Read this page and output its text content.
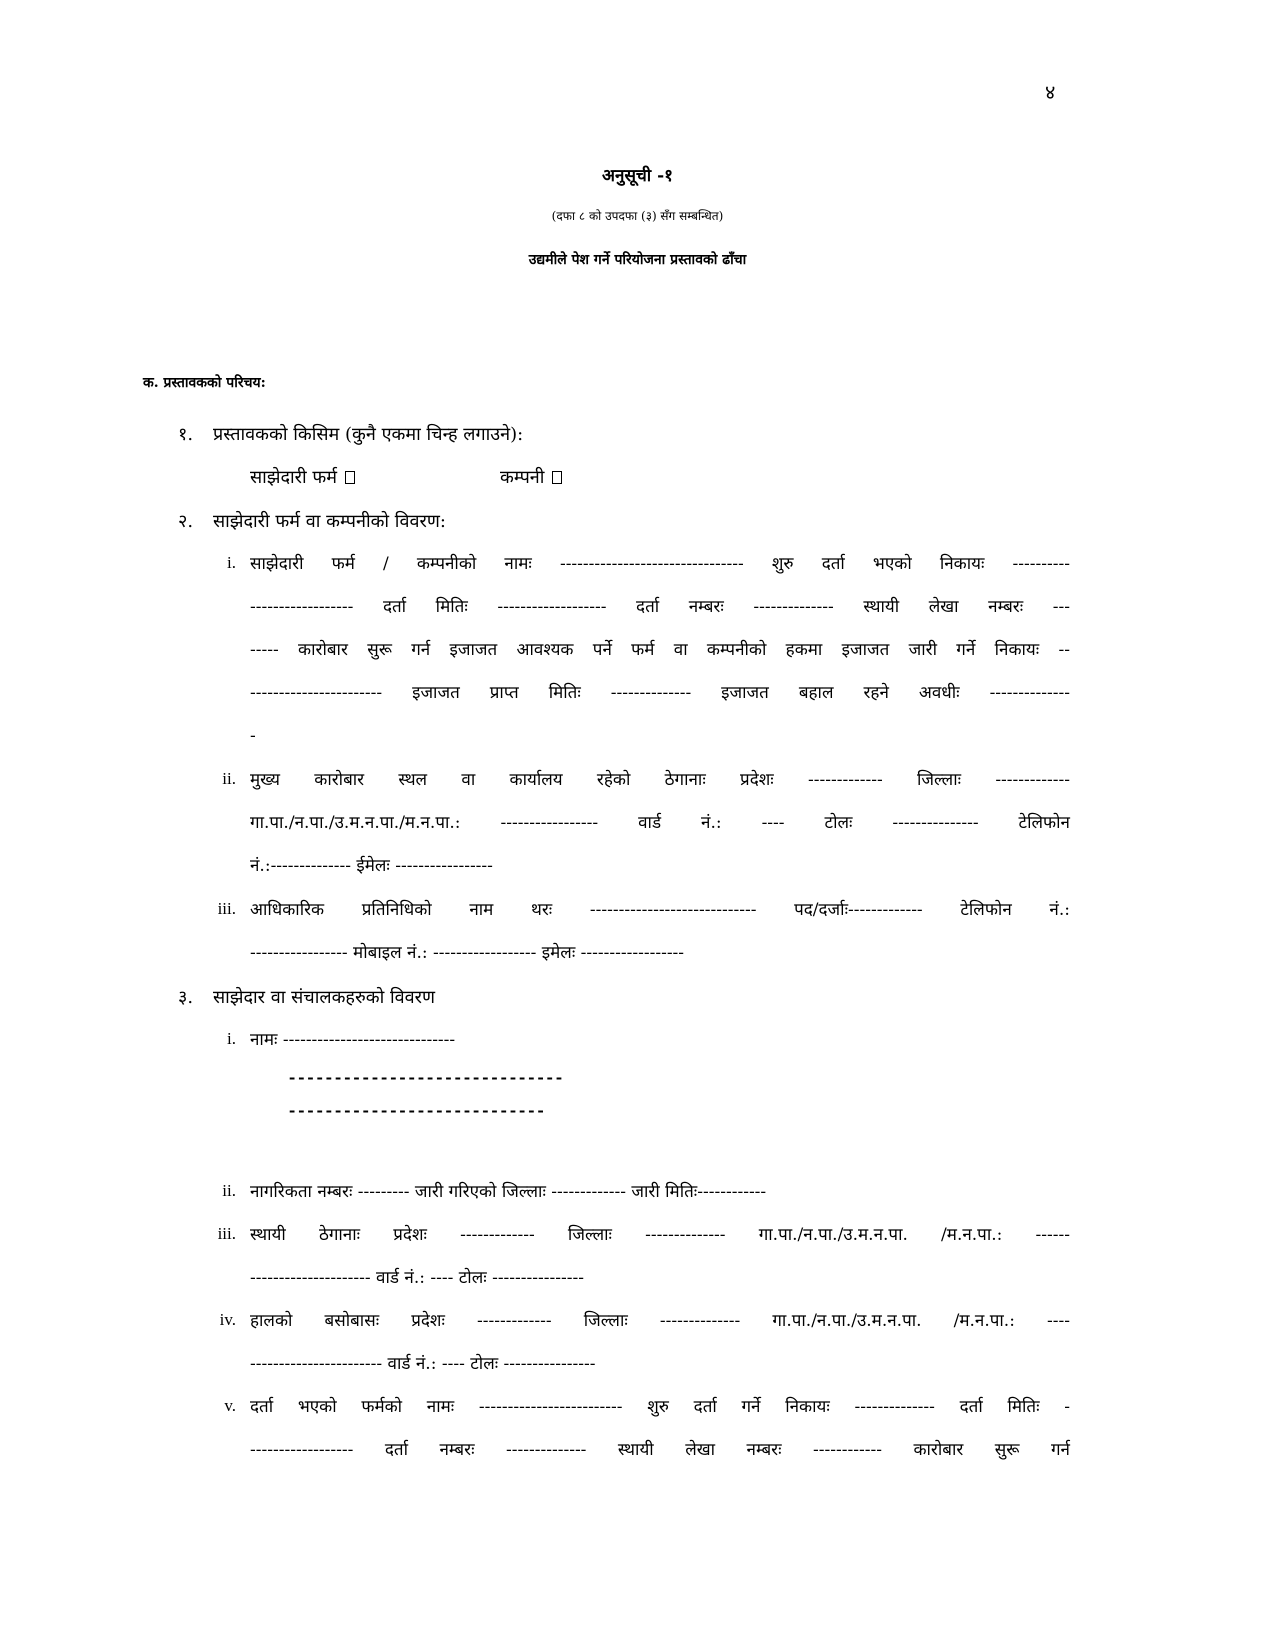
४
अनुसूची -१
(दफा ८ को उपदफा (३) सँग सम्बन्धित)
उद्यमीले पेश गर्ने परियोजना प्रस्तावको ढाँचा
क. प्रस्तावकको परिचय:
१. प्रस्तावकको किसिम (कुनै एकमा चिन्ह लगाउने):
साझेदारी फर्म	कम्पनी
२. साझेदारी फर्म वा कम्पनीको विवरण:
i. साझेदारी फर्म / कम्पनीको नामः -------------------------------- शुरु दर्ता भएको निकायः ----------
------------------ दर्ता मितिः ------------------- दर्ता नम्बरः -------------- स्थायी लेखा नम्बरः ---
----- कारोबार सुरू गर्न इजाजत आवश्यक पर्ने फर्म वा कम्पनीको हकमा इजाजत जारी गर्ने निकायः --
----------------------- इजाजत प्राप्त मितिः -------------- इजाजत बहाल रहने अवधीः --------------
-
ii. मुख्य कारोबार स्थल वा कार्यालय रहेको ठेगानाः प्रदेशः ------------- जिल्लाः -------------
गा.पा./न.पा./उ.म.न.पा./म.न.पा.: ----------------- वार्ड नं.: ---- टोलः --------------- टेलिफोन
नं.:-------------- ईमेलः -----------------
iii. आधिकारिक प्रतिनिधिको नाम थरः ----------------------------- पद/दर्जाः------------- टेलिफोन नं.:
----------------- मोबाइल नं.: ------------------ इमेलः ------------------
३. साझेदार वा संचालकहरुको विवरण
i. नामः ------------------------------
------------------------------
----------------------------
ii. नागरिकता नम्बरः --------- जारी गरिएको जिल्लाः ------------- जारी मितिः------------
iii. स्थायी ठेगानाः प्रदेशः ------------- जिल्लाः -------------- गा.पा./न.पा./उ.म.न.पा. /म.न.पा.: ------
--------------------- वार्ड नं.: ---- टोलः ----------------
iv. हालको बसोबासः प्रदेशः ------------- जिल्लाः -------------- गा.पा./न.पा./उ.म.न.पा. /म.न.पा.: ----
----------------------- वार्ड नं.: ---- टोलः ----------------
v. दर्ता भएको फर्मको नामः ------------------------- शुरु दर्ता गर्ने निकायः -------------- दर्ता मितिः -
------------------ दर्ता नम्बरः -------------- स्थायी लेखा नम्बरः ------------ कारोबार सुरू गर्न
